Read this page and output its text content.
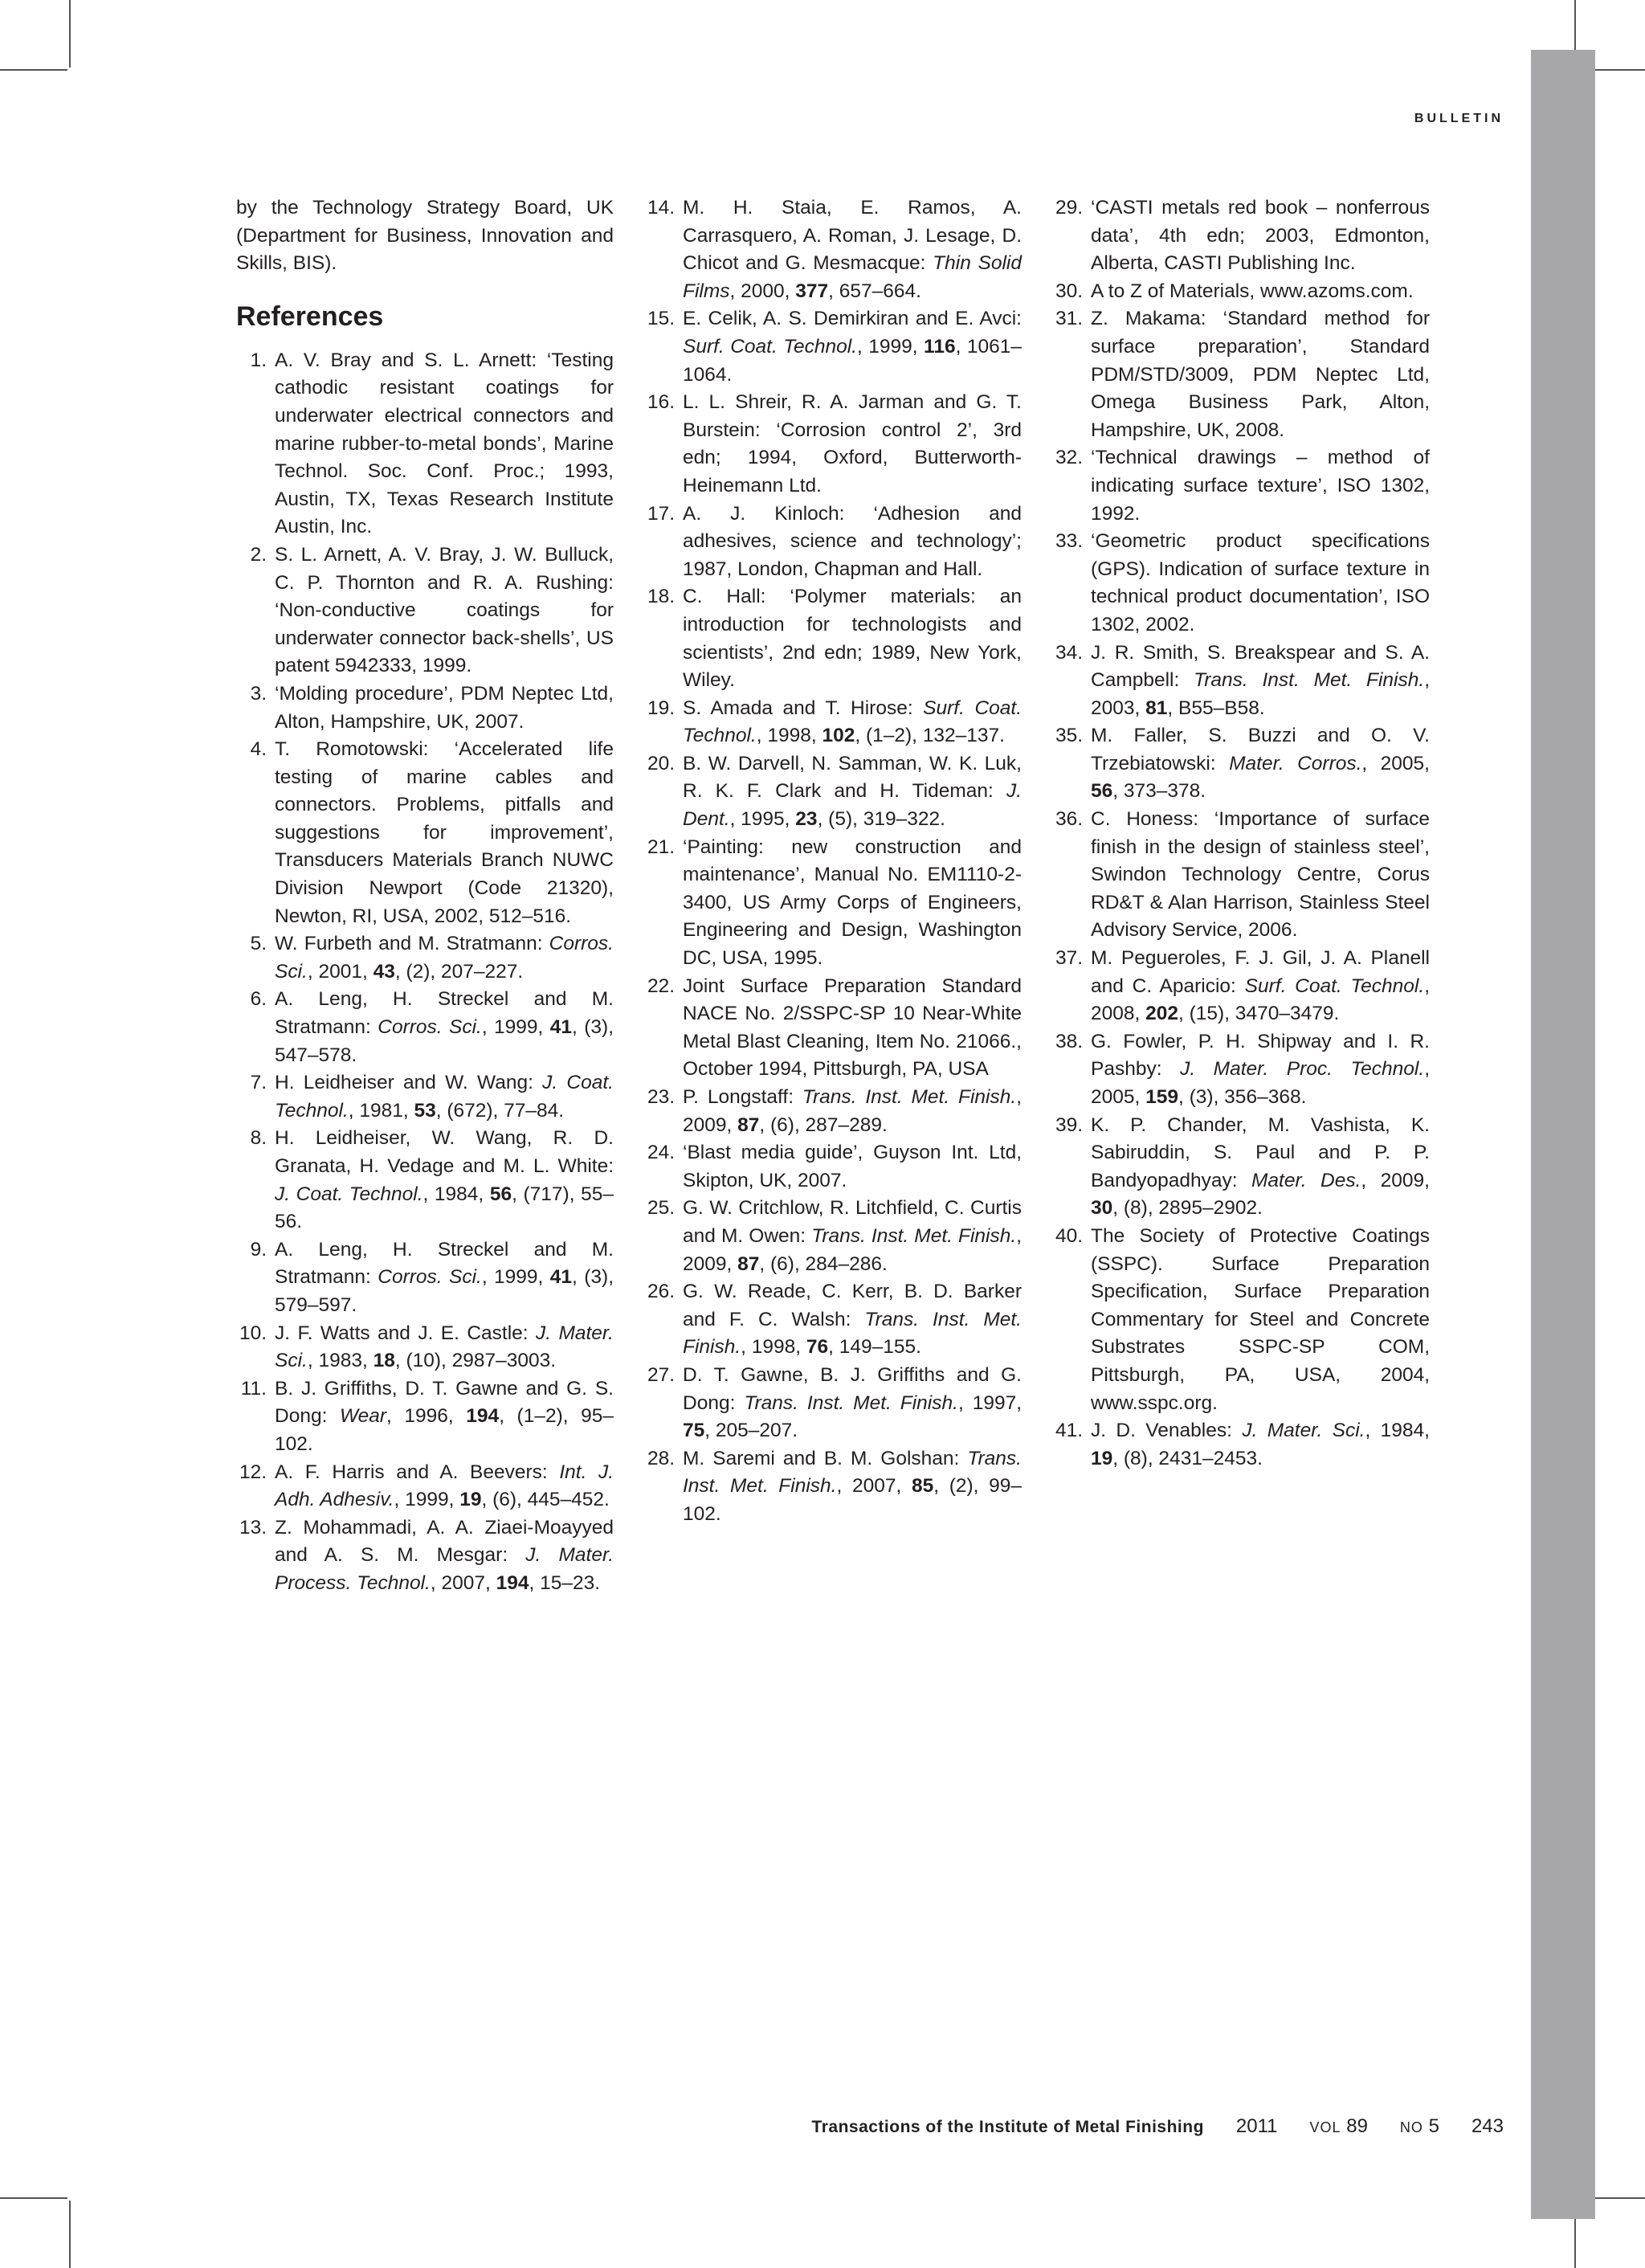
BULLETIN

by the Technology Strategy Board, UK (Department for Business, Innovation and Skills, BIS).

References

1. A. V. Bray and S. L. Arnett: ‘Testing cathodic resistant coatings for underwater electrical connectors and marine rubber-to-metal bonds’, Marine Technol. Soc. Conf. Proc.; 1993, Austin, TX, Texas Research Institute Austin, Inc.

2. S. L. Arnett, A. V. Bray, J. W. Bulluck, C. P. Thornton and R. A. Rushing: ‘Non-conductive coatings for underwater connector back-shells’, US patent 5942333, 1999.

3. ‘Molding procedure’, PDM Neptec Ltd, Alton, Hampshire, UK, 2007.

4. T. Romotowski: ‘Accelerated life testing of marine cables and connectors. Problems, pitfalls and suggestions for improvement’, Transducers Materials Branch NUWC Division Newport (Code 21320), Newton, RI, USA, 2002, 512–516.

5. W. Furbeth and M. Stratmann: Corros. Sci., 2001, 43, (2), 207–227.

6. A. Leng, H. Streckel and M. Stratmann: Corros. Sci., 1999, 41, (3), 547–578.

7. H. Leidheiser and W. Wang: J. Coat. Technol., 1981, 53, (672), 77–84.

8. H. Leidheiser, W. Wang, R. D. Granata, H. Vedage and M. L. White: J. Coat. Technol., 1984, 56, (717), 55–56.

9. A. Leng, H. Streckel and M. Stratmann: Corros. Sci., 1999, 41, (3), 579–597.

10. J. F. Watts and J. E. Castle: J. Mater. Sci., 1983, 18, (10), 2987–3003.

11. B. J. Griffiths, D. T. Gawne and G. S. Dong: Wear, 1996, 194, (1–2), 95–102.

12. A. F. Harris and A. Beevers: Int. J. Adh. Adhesiv., 1999, 19, (6), 445–452.

13. Z. Mohammadi, A. A. Ziaei-Moayyed and A. S. M. Mesgar: J. Mater. Process. Technol., 2007, 194, 15–23.

14. M. H. Staia, E. Ramos, A. Carrasquero, A. Roman, J. Lesage, D. Chicot and G. Mesmacque: Thin Solid Films, 2000, 377, 657–664.

15. E. Celik, A. S. Demirkiran and E. Avci: Surf. Coat. Technol., 1999, 116, 1061–1064.

16. L. L. Shreir, R. A. Jarman and G. T. Burstein: ‘Corrosion control 2’, 3rd edn; 1994, Oxford, Butterworth-Heinemann Ltd.

17. A. J. Kinloch: ‘Adhesion and adhesives, science and technology’; 1987, London, Chapman and Hall.

18. C. Hall: ‘Polymer materials: an introduction for technologists and scientists’, 2nd edn; 1989, New York, Wiley.

19. S. Amada and T. Hirose: Surf. Coat. Technol., 1998, 102, (1–2), 132–137.

20. B. W. Darvell, N. Samman, W. K. Luk, R. K. F. Clark and H. Tideman: J. Dent., 1995, 23, (5), 319–322.

21. ‘Painting: new construction and maintenance’, Manual No. EM1110-2-3400, US Army Corps of Engineers, Engineering and Design, Washington DC, USA, 1995.

22. Joint Surface Preparation Standard NACE No. 2/SSPC-SP 10 Near-White Metal Blast Cleaning, Item No. 21066., October 1994, Pittsburgh, PA, USA

23. P. Longstaff: Trans. Inst. Met. Finish., 2009, 87, (6), 287–289.

24. ‘Blast media guide’, Guyson Int. Ltd, Skipton, UK, 2007.

25. G. W. Critchlow, R. Litchfield, C. Curtis and M. Owen: Trans. Inst. Met. Finish., 2009, 87, (6), 284–286.

26. G. W. Reade, C. Kerr, B. D. Barker and F. C. Walsh: Trans. Inst. Met. Finish., 1998, 76, 149–155.

27. D. T. Gawne, B. J. Griffiths and G. Dong: Trans. Inst. Met. Finish., 1997, 75, 205–207.

28. M. Saremi and B. M. Golshan: Trans. Inst. Met. Finish., 2007, 85, (2), 99–102.

29. ‘CASTI metals red book – nonferrous data’, 4th edn; 2003, Edmonton, Alberta, CASTI Publishing Inc.

30. A to Z of Materials, www.azoms.com.

31. Z. Makama: ‘Standard method for surface preparation’, Standard PDM/STD/3009, PDM Neptec Ltd, Omega Business Park, Alton, Hampshire, UK, 2008.

32. ‘Technical drawings – method of indicating surface texture’, ISO 1302, 1992.

33. ‘Geometric product specifications (GPS). Indication of surface texture in technical product documentation’, ISO 1302, 2002.

34. J. R. Smith, S. Breakspear and S. A. Campbell: Trans. Inst. Met. Finish., 2003, 81, B55–B58.

35. M. Faller, S. Buzzi and O. V. Trzebiatowski: Mater. Corros., 2005, 56, 373–378.

36. C. Honess: ‘Importance of surface finish in the design of stainless steel’, Swindon Technology Centre, Corus RD&T & Alan Harrison, Stainless Steel Advisory Service, 2006.

37. M. Pegueroles, F. J. Gil, J. A. Planell and C. Aparicio: Surf. Coat. Technol., 2008, 202, (15), 3470–3479.

38. G. Fowler, P. H. Shipway and I. R. Pashby: J. Mater. Proc. Technol., 2005, 159, (3), 356–368.

39. K. P. Chander, M. Vashista, K. Sabiruddin, S. Paul and P. P. Bandyopadhyay: Mater. Des., 2009, 30, (8), 2895–2902.

40. The Society of Protective Coatings (SSPC). Surface Preparation Specification, Surface Preparation Commentary for Steel and Concrete Substrates SSPC-SP COM, Pittsburgh, PA, USA, 2004, www.sspc.org.

41. J. D. Venables: J. Mater. Sci., 1984, 19, (8), 2431–2453.

Transactions of the Institute of Metal Finishing 2011 VOL 89 NO 5 243
